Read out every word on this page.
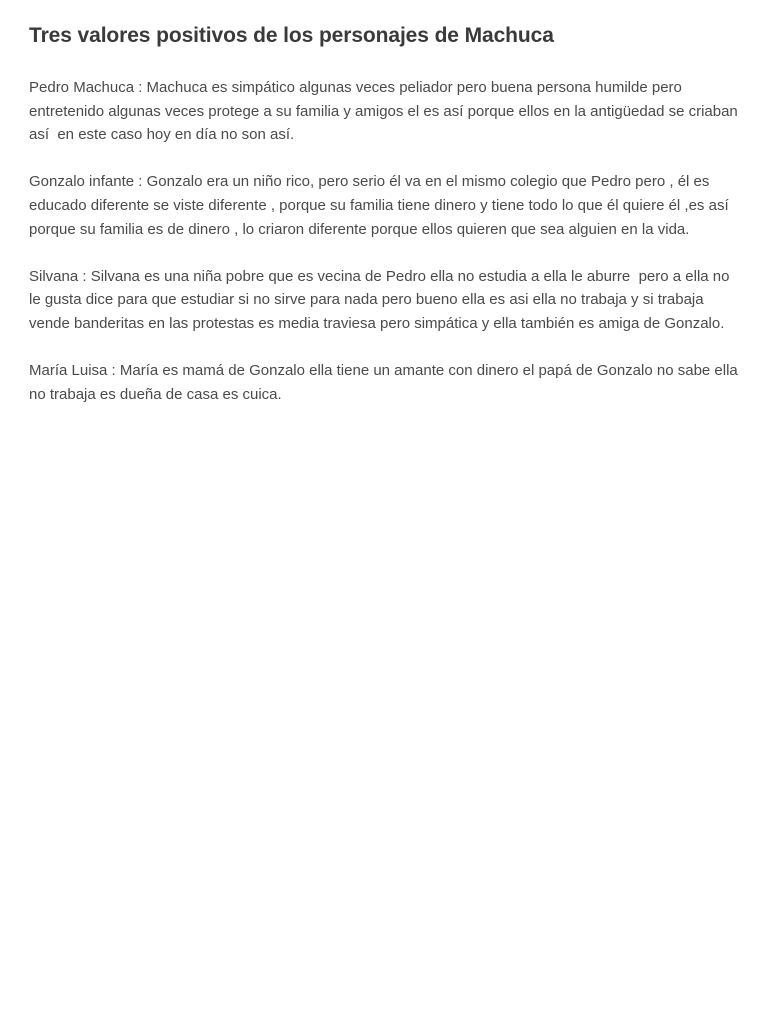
Tres valores positivos de los personajes de Machuca

Pedro Machuca : Machuca es simpático algunas veces peliador pero buena persona humilde pero entretenido algunas veces protege a su familia y amigos el es así porque ellos en la antigüedad se criaban así  en este caso hoy en día no son así.

Gonzalo infante : Gonzalo era un niño rico, pero serio él va en el mismo colegio que Pedro pero , él es educado diferente se viste diferente , porque su familia tiene dinero y tiene todo lo que él quiere él ,es así  porque su familia es de dinero , lo criaron diferente porque ellos quieren que sea alguien en la vida.

Silvana : Silvana es una niña pobre que es vecina de Pedro ella no estudia a ella le aburre  pero a ella no le gusta dice para que estudiar si no sirve para nada pero bueno ella es asi ella no trabaja y si trabaja vende banderitas en las protestas es media traviesa pero simpática y ella también es amiga de Gonzalo.

María Luisa : María es mamá de Gonzalo ella tiene un amante con dinero el papá de Gonzalo no sabe ella no trabaja es dueña de casa es cuica.
